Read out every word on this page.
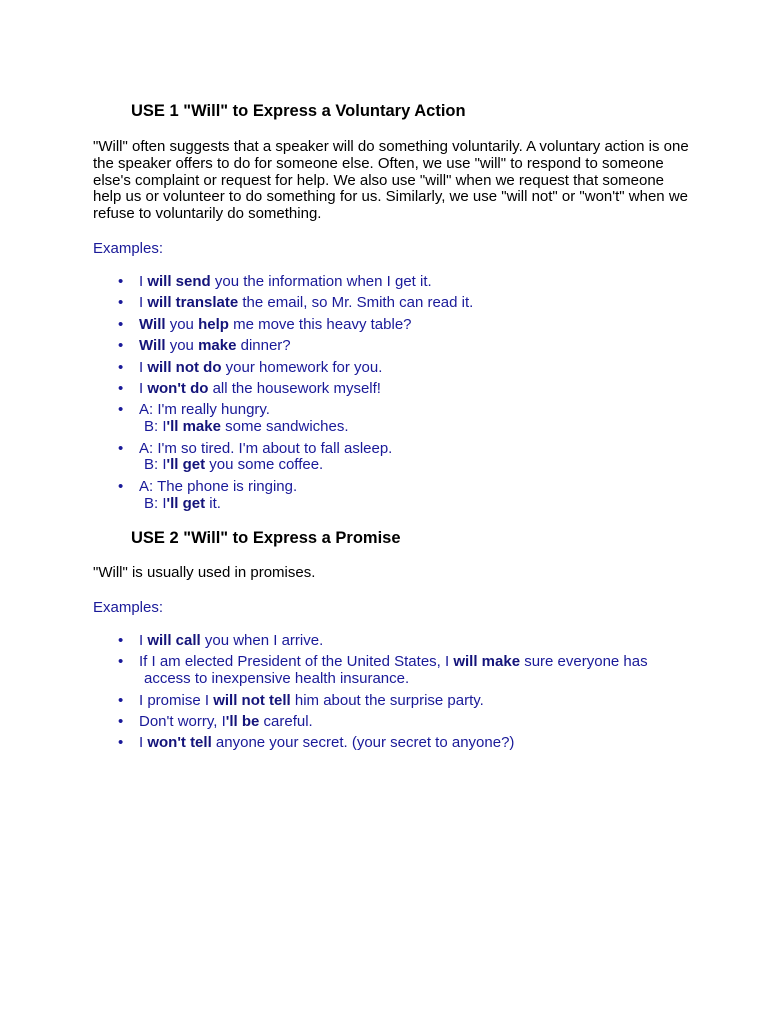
USE 1 "Will" to Express a Voluntary Action

"Will" often suggests that a speaker will do something voluntarily. A voluntary action is one the speaker offers to do for someone else. Often, we use "will" to respond to someone else's complaint or request for help. We also use "will" when we request that someone help us or volunteer to do something for us. Similarly, we use "will not" or "won't" when we refuse to voluntarily do something.

Examples:

• I will send you the information when I get it.
• I will translate the email, so Mr. Smith can read it.
• Will you help me move this heavy table?
• Will you make dinner?
• I will not do your homework for you.
• I won't do all the housework myself!
• A: I'm really hungry.
B: I'll make some sandwiches.
• A: I'm so tired. I'm about to fall asleep.
B: I'll get you some coffee.
• A: The phone is ringing.
B: I'll get it.
USE 2 "Will" to Express a Promise

"Will" is usually used in promises.

Examples:

• I will call you when I arrive.
• If I am elected President of the United States, I will make sure everyone has
access to inexpensive health insurance.
• I promise I will not tell him about the surprise party.
• Don't worry, I'll be careful.
• I won't tell anyone your secret. (your secret to anyone?)
